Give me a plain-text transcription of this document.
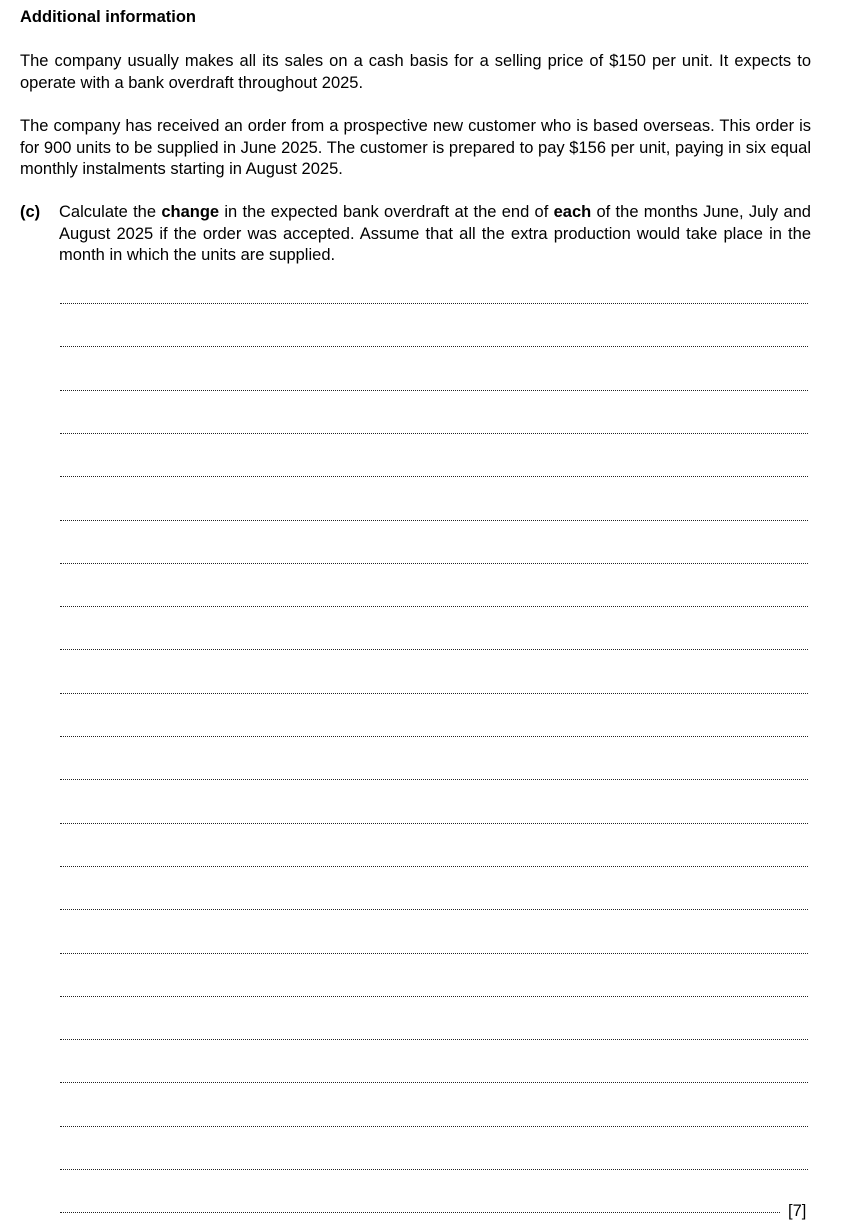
Additional information

The company usually makes all its sales on a cash basis for a selling price of $150 per unit. It expects to operate with a bank overdraft throughout 2025.

The company has received an order from a prospective new customer who is based overseas. This order is for 900 units to be supplied in June 2025. The customer is prepared to pay $156 per unit, paying in six equal monthly instalments starting in August 2025.

(c) Calculate the change in the expected bank overdraft at the end of each of the months June, July and August 2025 if the order was accepted. Assume that all the extra production would take place in the month in which the units are supplied.

[7]
